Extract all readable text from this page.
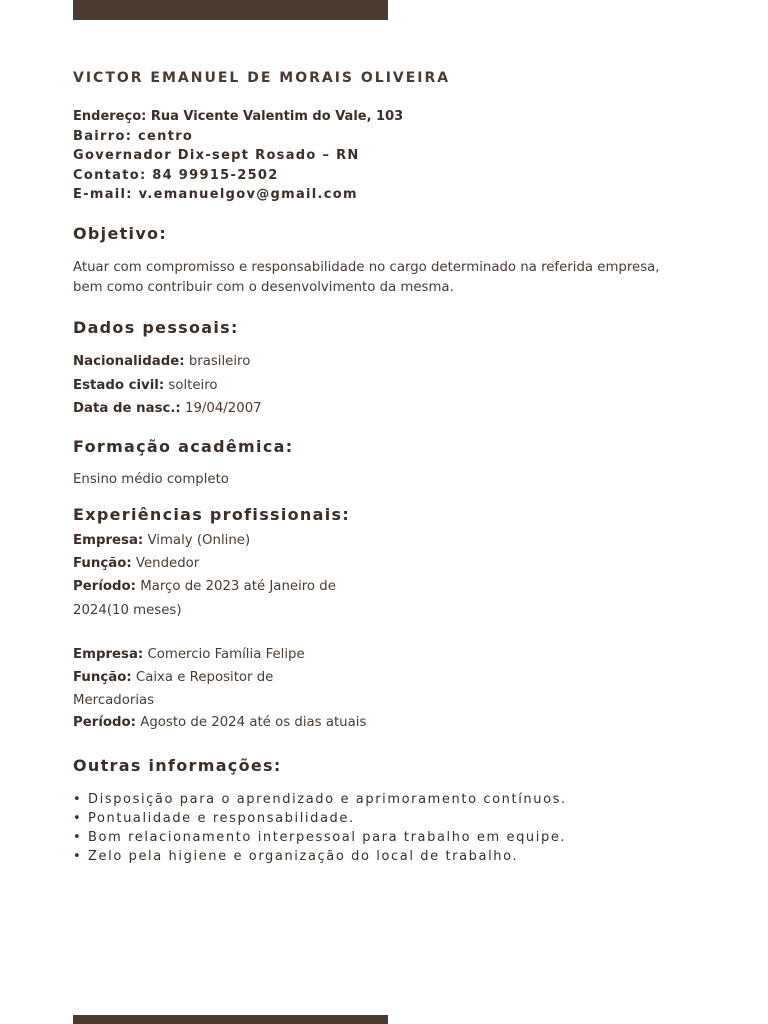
VICTOR EMANUEL DE MORAIS OLIVEIRA
Endereço: Rua Vicente Valentim do Vale, 103
Bairro: centro
Governador Dix-sept Rosado – RN
Contato: 84 99915-2502
E-mail: v.emanuelgov@gmail.com
Objetivo:
Atuar com compromisso e responsabilidade no cargo determinado na referida empresa,
bem como contribuir com o desenvolvimento da mesma.
Dados pessoais:
Nacionalidade: brasileiro
Estado civil: solteiro
Data de nasc.: 19/04/2007
Formação acadêmica:
Ensino médio completo
Experiências profissionais:
Empresa: Vimaly (Online)
Função: Vendedor
Período: Março de 2023 até Janeiro de
2024(10 meses)
Empresa: Comercio Família Felipe
Função: Caixa e Repositor de
Mercadorias
Período: Agosto de 2024 até os dias atuais
Outras informações:
• Disposição para o aprendizado e aprimoramento contínuos.
• Pontualidade e responsabilidade.
• Bom relacionamento interpessoal para trabalho em equipe.
• Zelo pela higiene e organização do local de trabalho.
